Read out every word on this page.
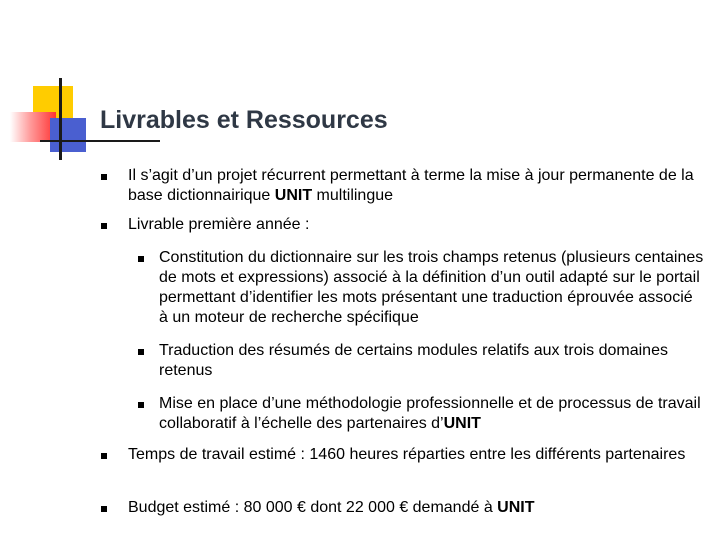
Livrables et Ressources

Il s’agit d’un projet récurrent permettant à terme la mise à jour permanente de la base dictionnairique UNIT multilingue

Livrable première année :

Constitution du dictionnaire sur les trois champs retenus (plusieurs centaines de mots et expressions) associé à la définition d’un outil adapté sur le portail permettant d’identifier les mots présentant une traduction éprouvée associé à un moteur de recherche spécifique

Traduction des résumés de certains modules relatifs aux trois domaines retenus

Mise en place d’une méthodologie professionnelle et de processus de travail collaboratif à l’échelle des partenaires d’UNIT

Temps de travail estimé : 1460 heures réparties entre les différents partenaires

Budget estimé : 80 000 € dont 22 000 € demandé à UNIT
